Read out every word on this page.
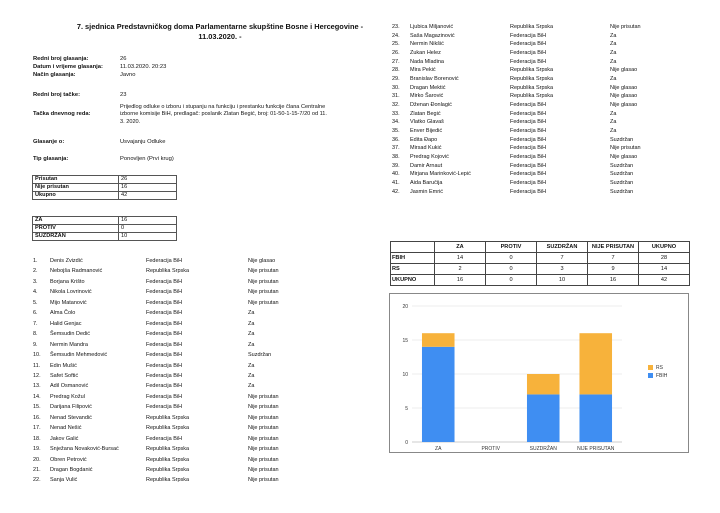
7. sjednica Predstavničkog doma Parlamentarne skupštine Bosne i Hercegovine - 11.03.2020. -
Redni broj glasanja:	26
Datum i vrijeme glasanja:	11.03.2020. 20:23
Način glasanja:	Javno
Redni broj tačke:	23
Tačka dnevnog reda:
Prijedlog odluke o izboru i stupanju na funkciju i prestanku funkcije člana Centralne izborne komisije BiH, predlagač: poslanik Zlatan Begić, broj: 01-50-1-15-7/20 od 11. 3. 2020.
Glasanje o:	Usvajanju Odluke
Tip glasanja:	Ponovljen (Prvi krug)
Prisutan	26
Nije prisutan	16
Ukupno	42
ZA	16
PROTIV	0
SUZDRŽAN	10
1. Denis Zvizdić	Federacija BiH	Nije glasao
2. Nebojša Radmanović	Republika Srpska	Nije prisutan
3. Borjana Krišto	Federacija BiH	Nije prisutan
4. Nikola Lovrinović	Federacija BiH	Nije prisutan
5. Mijo Matanović	Federacija BiH	Nije prisutan
6. Alma Čolo	Federacija BiH	Za
7. Halid Genjac	Federacija BiH	Za
8. Šemsudin Dedić	Federacija BiH	Za
9. Nermin Mandra	Federacija BiH	Za
10. Šemsudin Mehmedović	Federacija BiH	Suzdržan
11. Edin Mušić	Federacija BiH	Za
12. Safet Softić	Federacija BiH	Za
13. Adil Osmanović	Federacija BiH	Za
14. Predrag Kožul	Federacija BiH	Nije prisutan
15. Darijana Filipović	Federacija BiH	Nije prisutan
16. Nenad Stevandić	Republika Srpska	Nije prisutan
17. Nenad Nešić	Republika Srpska	Nije prisutan
18. Jakov Galić	Federacija BiH	Nije prisutan
19. Snježana Novaković-Bursać	Republika Srpska	Nije prisutan
20. Obren Petrović	Republika Srpska	Nije prisutan
21. Dragan Bogdanić	Republika Srpska	Nije prisutan
22. Sanja Vulić	Republika Srpska	Nije prisutan
23. Ljubica Miljanović	Republika Srpska	Nije prisutan
24. Saša Magazinović	Federacija BiH	Za
25. Nermin Nikšić	Federacija BiH	Za
26. Zukan Helez	Federacija BiH	Za
27. Nada Mladina	Federacija BiH	Za
28. Mira Pekić	Republika Srpska	Nije glasao
29. Branislav Borenović	Republika Srpska	Za
30. Dragan Mektić	Republika Srpska	Nije glasao
31. Mirko Šarović	Republika Srpska	Nije glasao
32. Dženan Đonlagić	Federacija BiH	Nije glasao
33. Zlatan Begić	Federacija BiH	Za
34. Vlatko Glavaš	Federacija BiH	Za
35. Enver Bijedić	Federacija BiH	Za
36. Edita Đapo	Federacija BiH	Suzdržan
37. Mirsad Kukić	Federacija BiH	Nije prisutan
38. Predrag Kojović	Federacija BiH	Nije glasao
39. Damir Arnaut	Federacija BiH	Suzdržan
40. Mirjana Marinković-Lepić	Federacija BiH	Suzdržan
41. Aida Baručija	Federacija BiH	Suzdržan
42. Jasmin Emrić	Federacija BiH	Suzdržan
	ZA	PROTIV	SUZDRŽAN	NIJE PRISUTAN	UKUPNO
FBIH	14	0	7	7	28
RS	2	0	3	9	14
UKUPNO	16	0	10	16	42
0
5
10
15
20
ZA	PROTIV	SUZDRŽAN	NIJE PRISUTAN
RS
FBIH
